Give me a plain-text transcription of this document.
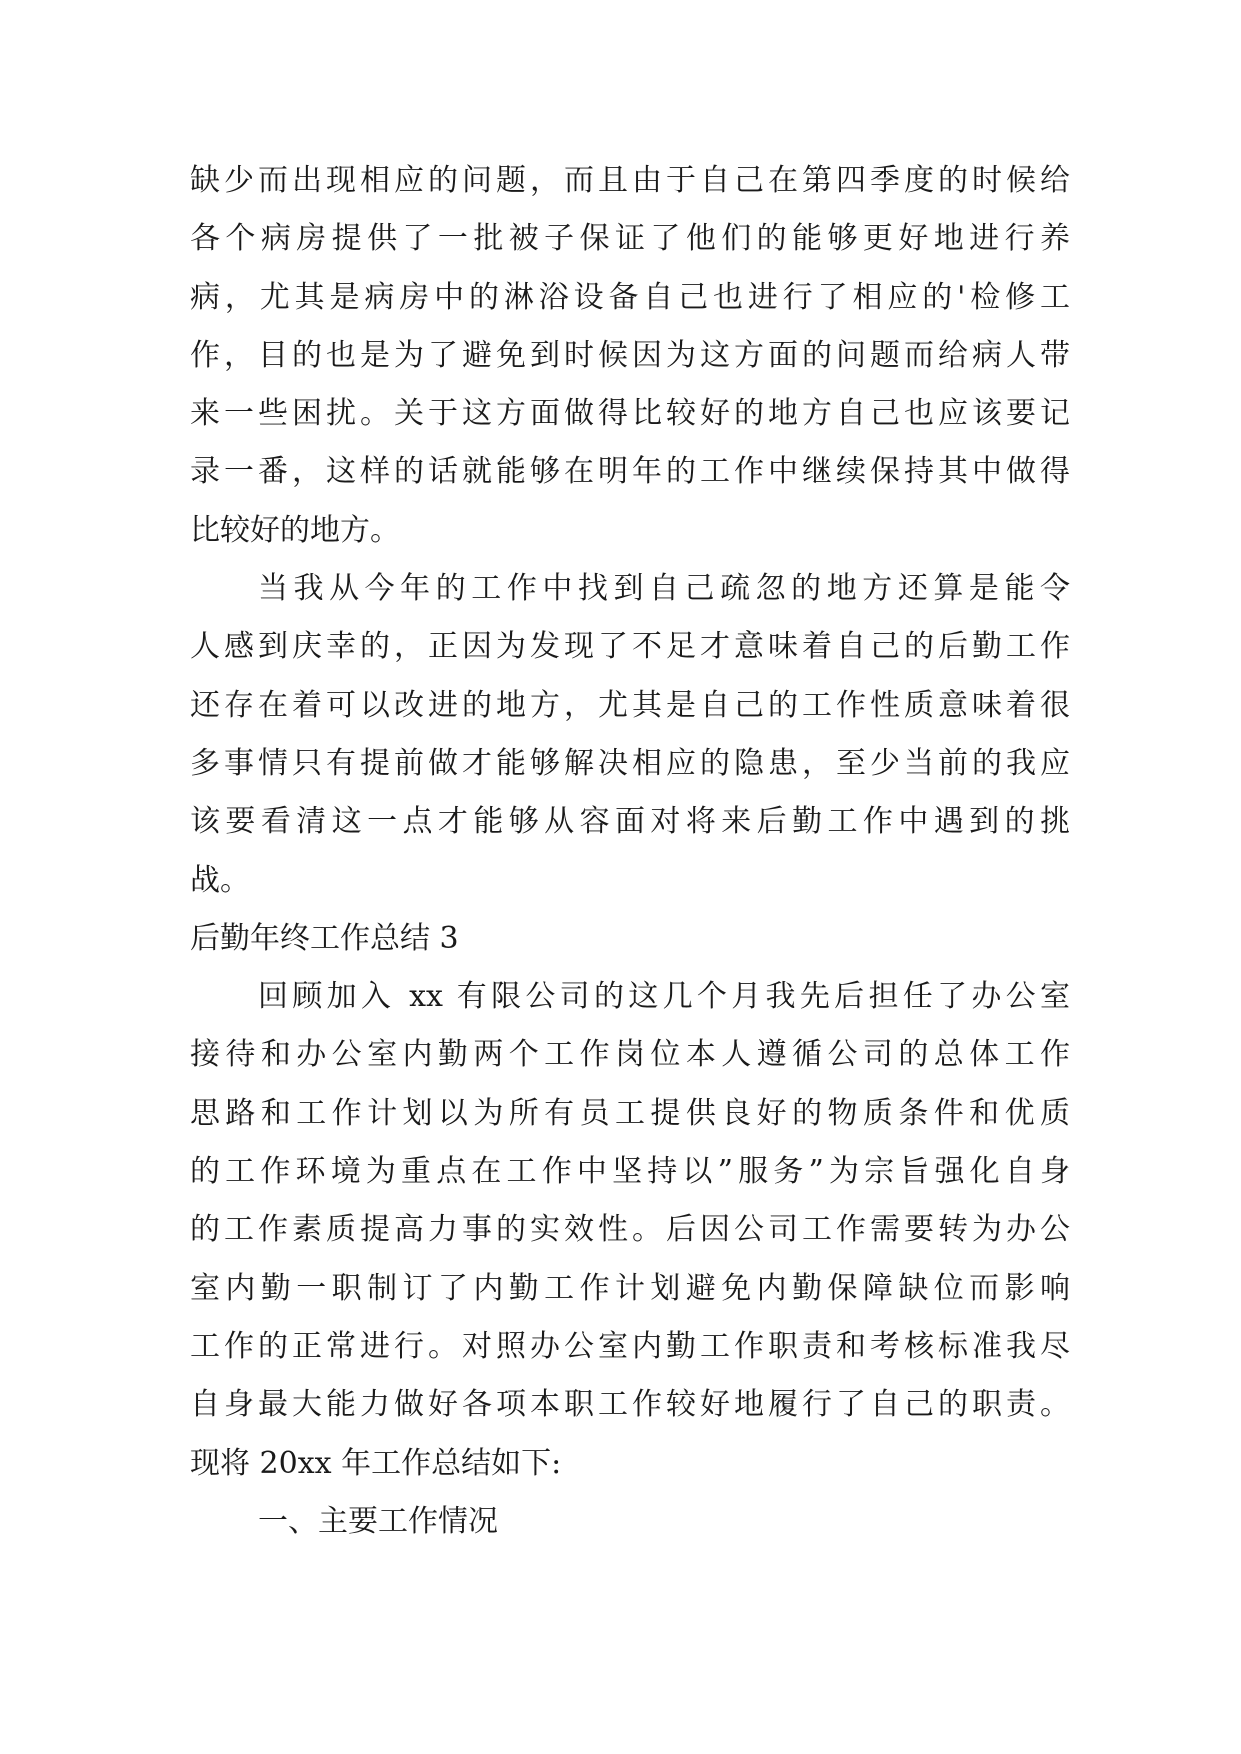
缺少而出现相应的问题，而且由于自己在第四季度的时候给
各个病房提供了一批被子保证了他们的能够更好地进行养
病，尤其是病房中的淋浴设备自己也进行了相应的'检修工
作，目的也是为了避免到时候因为这方面的问题而给病人带
来一些困扰。关于这方面做得比较好的地方自己也应该要记
录一番，这样的话就能够在明年的工作中继续保持其中做得
比较好的地方。
当我从今年的工作中找到自己疏忽的地方还算是能令
人感到庆幸的，正因为发现了不足才意味着自己的后勤工作
还存在着可以改进的地方，尤其是自己的工作性质意味着很
多事情只有提前做才能够解决相应的隐患，至少当前的我应
该要看清这一点才能够从容面对将来后勤工作中遇到的挑
战。
后勤年终工作总结 3
回顾加入 xx 有限公司的这几个月我先后担任了办公室
接待和办公室内勤两个工作岗位本人遵循公司的总体工作
思路和工作计划以为所有员工提供良好的物质条件和优质
的工作环境为重点在工作中坚持以”服务”为宗旨强化自身
的工作素质提高力事的实效性。后因公司工作需要转为办公
室内勤一职制订了内勤工作计划避免内勤保障缺位而影响
工作的正常进行。对照办公室内勤工作职责和考核标准我尽
自身最大能力做好各项本职工作较好地履行了自己的职责。
现将 20xx 年工作总结如下:
一、主要工作情况
